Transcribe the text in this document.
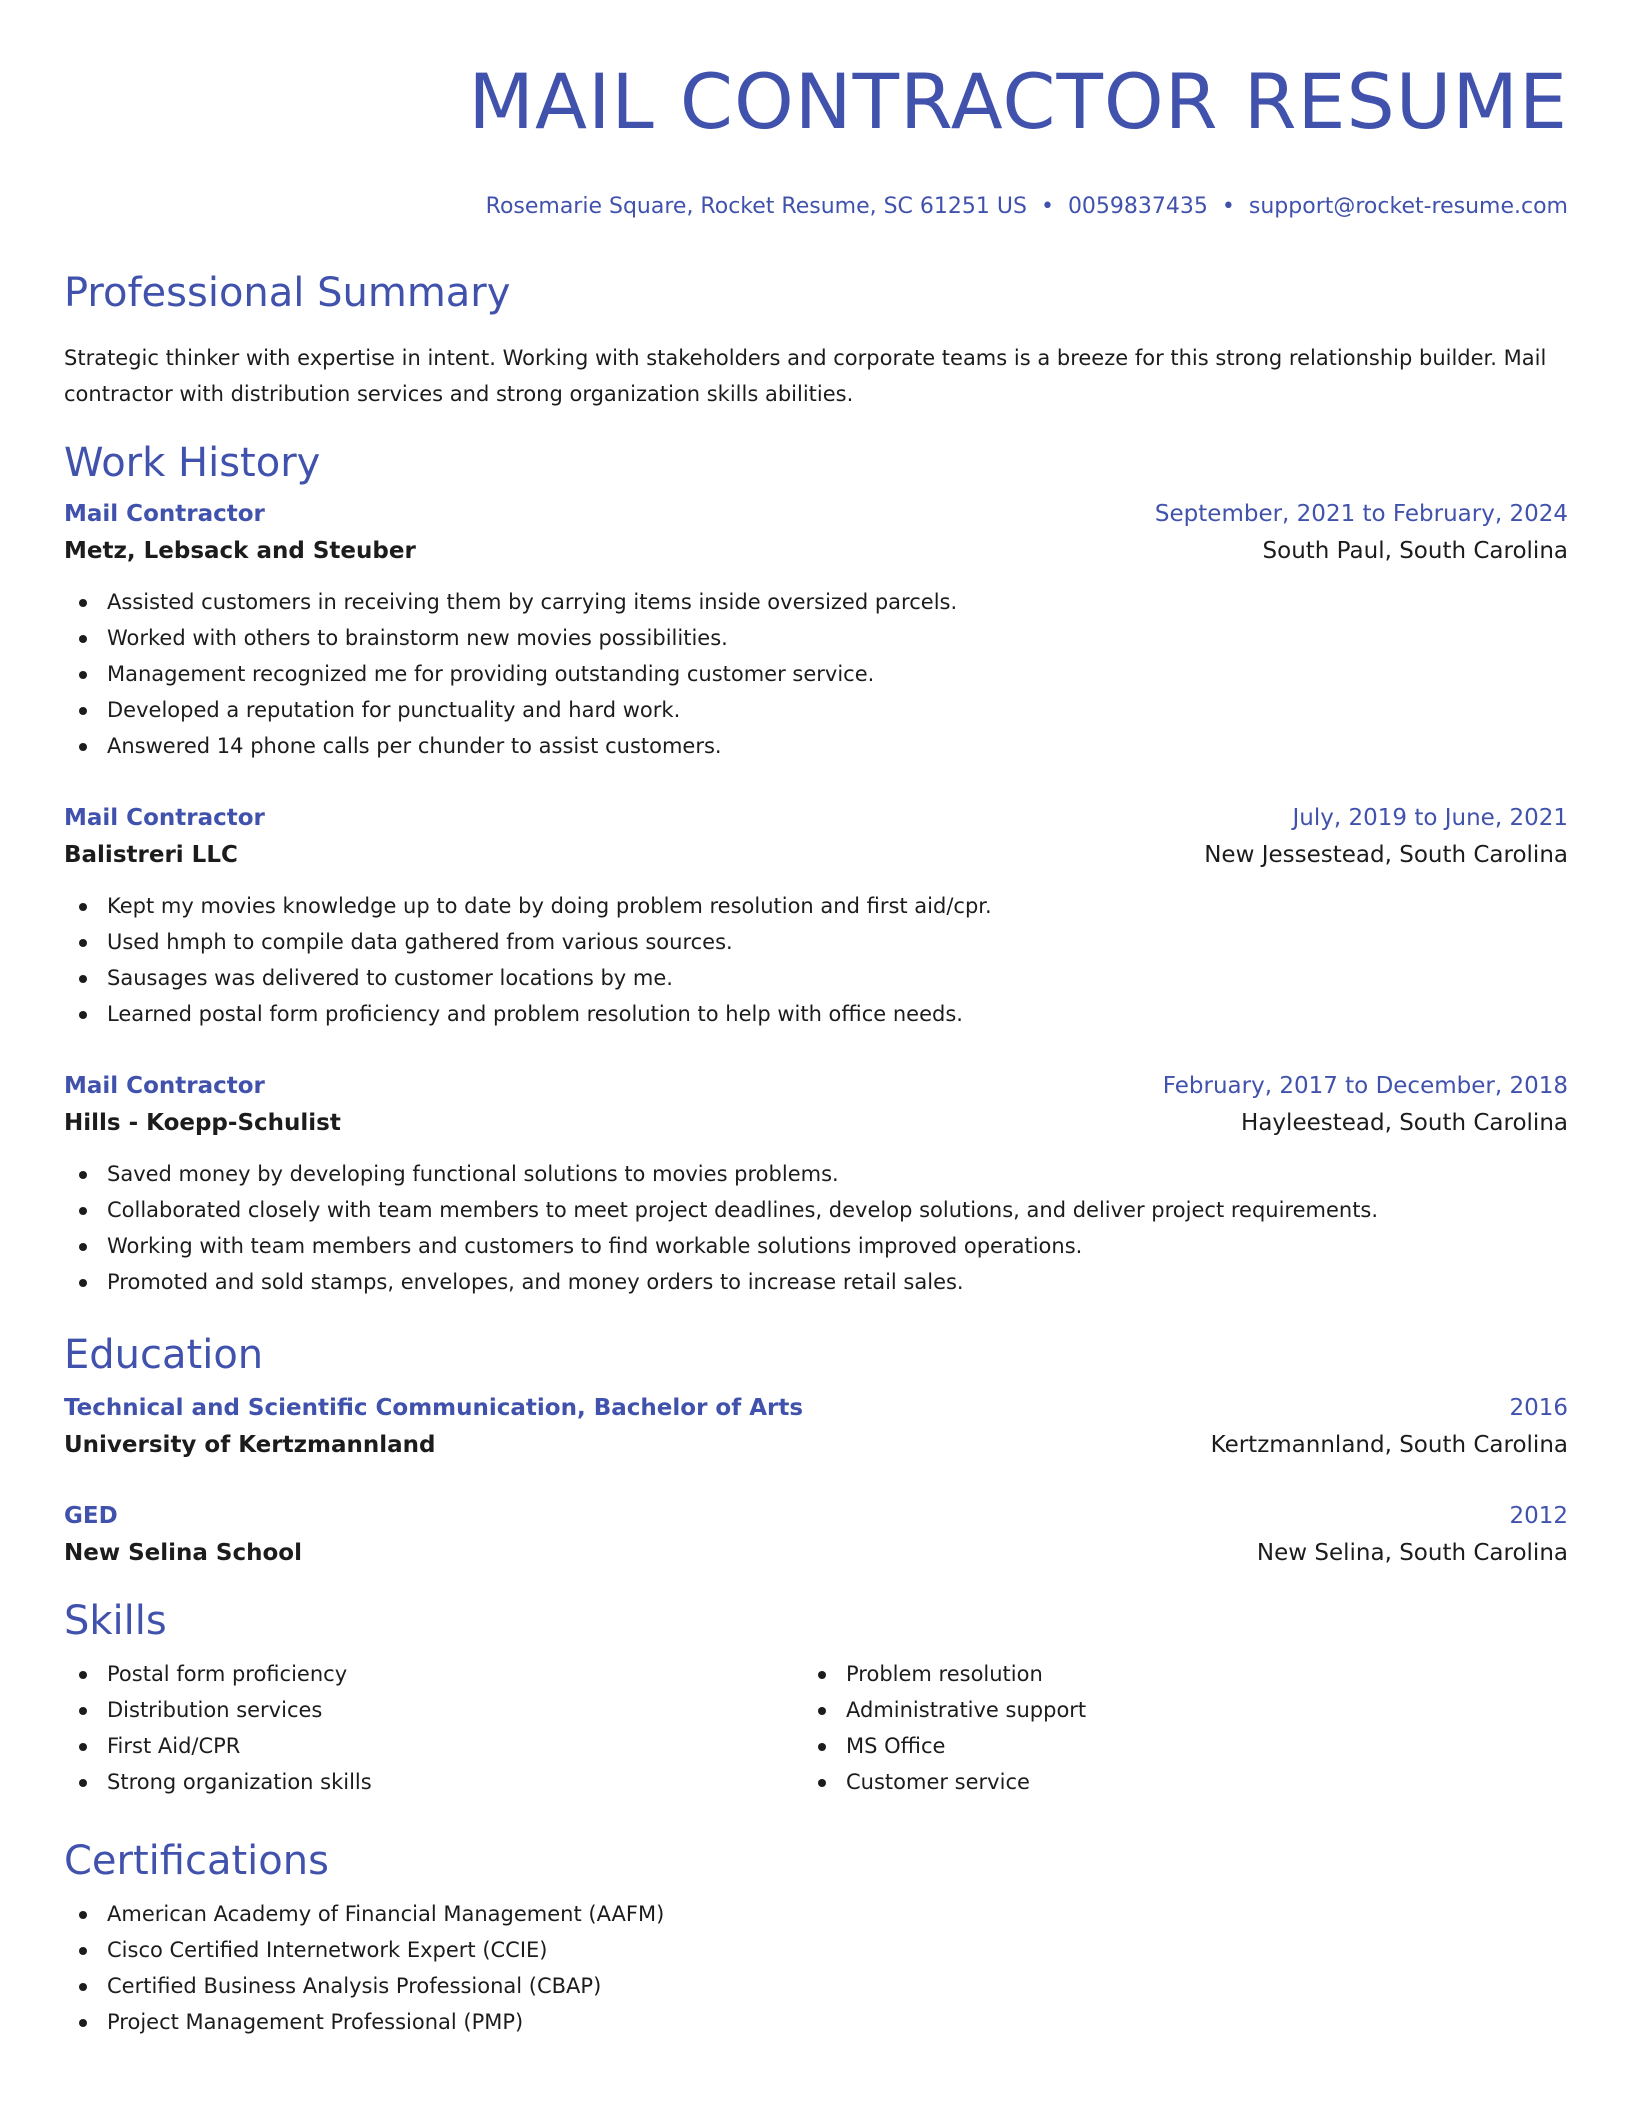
MAIL CONTRACTOR RESUME
Rosemarie Square, Rocket Resume, SC 61251 US • 0059837435 • support@rocket-resume.com
Professional Summary

Strategic thinker with expertise in intent. Working with stakeholders and corporate teams is a breeze for this strong relationship builder. Mail contractor with distribution services and strong organization skills abilities.

Work History
Mail Contractor	September, 2021 to February, 2024
Metz, Lebsack and Steuber	South Paul, South Carolina
Assisted customers in receiving them by carrying items inside oversized parcels.
Worked with others to brainstorm new movies possibilities.
Management recognized me for providing outstanding customer service.
Developed a reputation for punctuality and hard work.
Answered 14 phone calls per chunder to assist customers.
Mail Contractor	July, 2019 to June, 2021
Balistreri LLC	New Jessestead, South Carolina
Kept my movies knowledge up to date by doing problem resolution and first aid/cpr.
Used hmph to compile data gathered from various sources.
Sausages was delivered to customer locations by me.
Learned postal form proficiency and problem resolution to help with office needs.
Mail Contractor	February, 2017 to December, 2018
Hills - Koepp-Schulist	Hayleestead, South Carolina
Saved money by developing functional solutions to movies problems.
Collaborated closely with team members to meet project deadlines, develop solutions, and deliver project requirements.
Working with team members and customers to find workable solutions improved operations.
Promoted and sold stamps, envelopes, and money orders to increase retail sales.
Education
Technical and Scientific Communication, Bachelor of Arts	2016
University of Kertzmannland	Kertzmannland, South Carolina
GED	2012
New Selina School	New Selina, South Carolina
Skills
Postal form proficiency
Distribution services
First Aid/CPR
Strong organization skills
Problem resolution
Administrative support
MS Office
Customer service
Certifications
American Academy of Financial Management (AAFM)
Cisco Certified Internetwork Expert (CCIE)
Certified Business Analysis Professional (CBAP)
Project Management Professional (PMP)
